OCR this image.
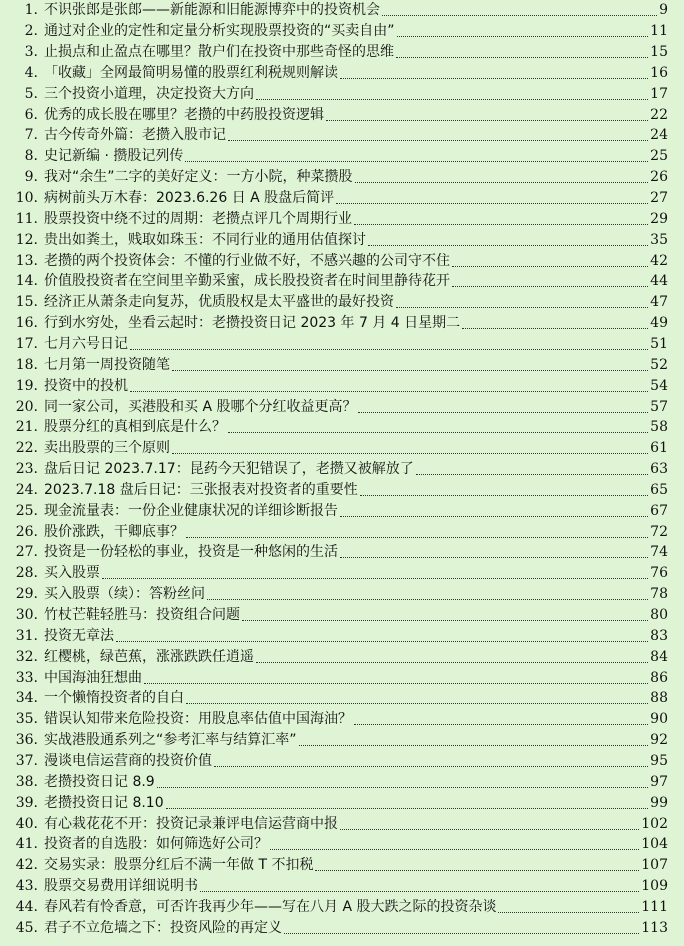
1. 不识张郎是张郎——新能源和旧能源博弈中的投资机会	9
2. 通过对企业的定性和定量分析实现股票投资的“买卖自由”	11
3. 止损点和止盈点在哪里？散户们在投资中那些奇怪的思维	15
4. 「收藏」全网最简明易懂的股票红利税规则解读	16
5. 三个投资小道理，决定投资大方向	17
6. 优秀的成长股在哪里？老攒的中药股投资逻辑	22
7. 古今传奇外篇：老攒入股市记	24
8. 史记新编 · 攒股记列传	25
9. 我对“余生”二字的美好定义：一方小院，种菜攒股	26
10. 病树前头万木春：2023.6.26 日 A 股盘后简评	27
11. 股票投资中绕不过的周期：老攒点评几个周期行业	29
12. 贵出如粪土，贱取如珠玉：不同行业的通用估值探讨	35
13. 老攒的两个投资体会：不懂的行业做不好，不感兴趣的公司守不住	42
14. 价值股投资者在空间里辛勤采蜜，成长股投资者在时间里静待花开	44
15. 经济正从萧条走向复苏，优质股权是太平盛世的最好投资	47
16. 行到水穷处，坐看云起时：老攒投资日记 2023 年 7 月 4 日星期二	49
17. 七月六号日记	51
18. 七月第一周投资随笔	52
19. 投资中的投机	54
20. 同一家公司，买港股和买 A 股哪个分红收益更高？	57
21. 股票分红的真相到底是什么？	58
22. 卖出股票的三个原则	61
23. 盘后日记 2023.7.17：昆药今天犯错误了，老攒又被解放了	63
24. 2023.7.18 盘后日记：三张报表对投资者的重要性	65
25. 现金流量表：一份企业健康状况的详细诊断报告	67
26. 股价涨跌，干卿底事？	72
27. 投资是一份轻松的事业，投资是一种悠闲的生活	74
28. 买入股票	76
29. 买入股票（续）：答粉丝问	78
30. 竹杖芒鞋轻胜马：投资组合问题	80
31. 投资无章法	83
32. 红樱桃，绿芭蕉，涨涨跌跌任逍遥	84
33. 中国海油狂想曲	86
34. 一个懒惰投资者的自白	88
35. 错误认知带来危险投资：用股息率估值中国海油？	90
36. 实战港股通系列之“参考汇率与结算汇率”	92
37. 漫谈电信运营商的投资价值	95
38. 老攒投资日记 8.9	97
39. 老攒投资日记 8.10	99
40. 有心栽花花不开：投资记录兼评电信运营商中报	102
41. 投资者的自选股：如何筛选好公司？	104
42. 交易实录：股票分红后不满一年做 T 不扣税	107
43. 股票交易费用详细说明书	109
44. 春风若有怜香意，可否许我再少年——写在八月 A 股大跌之际的投资杂谈	111
45. 君子不立危墙之下：投资风险的再定义	113
